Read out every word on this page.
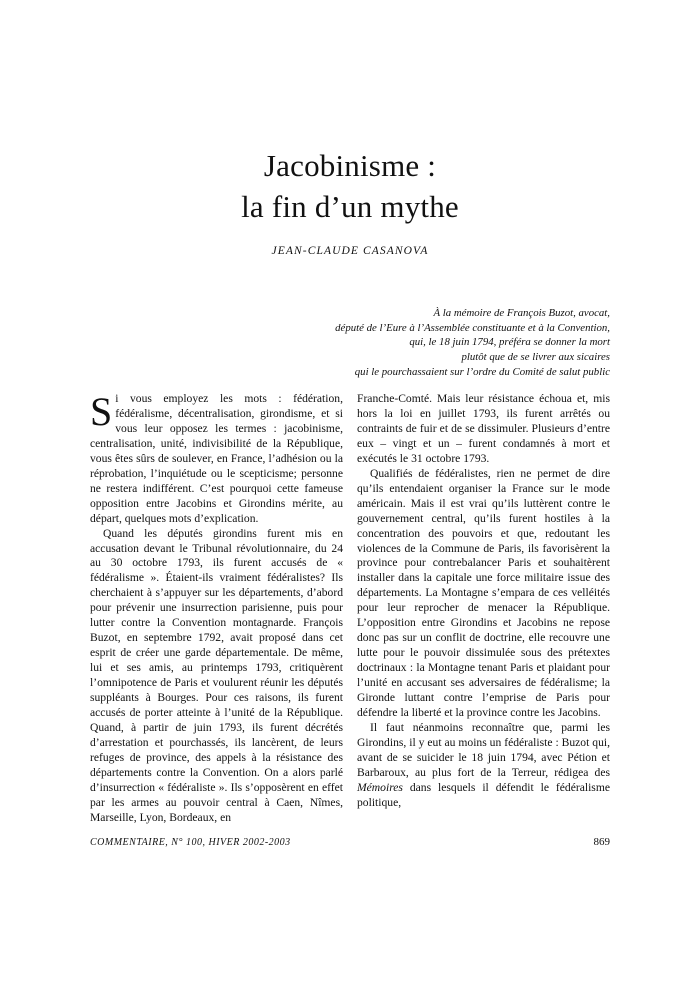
Jacobinisme :
la fin d’un mythe
JEAN-CLAUDE CASANOVA
À la mémoire de François Buzot, avocat,
député de l’Eure à l’Assemblée constituante et à la Convention,
qui, le 18 juin 1794, préféra se donner la mort
plutôt que de se livrer aux sicaires
qui le pourchassaient sur l’ordre du Comité de salut public

Si vous employez les mots : fédération, fédéralisme, décentralisation, girondisme, et si vous leur opposez les termes : jacobinisme, centralisation, unité, indivisibilité de la République, vous êtes sûrs de soulever, en France, l’adhésion ou la réprobation, l’inquiétude ou le scepticisme; personne ne restera indifférent. C’est pourquoi cette fameuse opposition entre Jacobins et Girondins mérite, au départ, quelques mots d’explication.

Quand les députés girondins furent mis en accusation devant le Tribunal révolutionnaire, du 24 au 30 octobre 1793, ils furent accusés de « fédéralisme ». Étaient-ils vraiment fédéralistes? Ils cherchaient à s’appuyer sur les départements, d’abord pour prévenir une insurrection parisienne, puis pour lutter contre la Convention montagnarde. François Buzot, en septembre 1792, avait proposé dans cet esprit de créer une garde départementale. De même, lui et ses amis, au printemps 1793, critiquèrent l’omnipotence de Paris et voulurent réunir les députés suppléants à Bourges. Pour ces raisons, ils furent accusés de porter atteinte à l’unité de la République. Quand, à partir de juin 1793, ils furent décrétés d’arrestation et pourchassés, ils lancèrent, de leurs refuges de province, des appels à la résistance des départements contre la Convention. On a alors parlé d’insurrection « fédéraliste ». Ils s’opposèrent en effet par les armes au pouvoir central à Caen, Nîmes, Marseille, Lyon, Bordeaux, en

Franche-Comté. Mais leur résistance échoua et, mis hors la loi en juillet 1793, ils furent arrêtés ou contraints de fuir et de se dissimuler. Plusieurs d’entre eux – vingt et un – furent condamnés à mort et exécutés le 31 octobre 1793.

Qualifiés de fédéralistes, rien ne permet de dire qu’ils entendaient organiser la France sur le mode américain. Mais il est vrai qu’ils luttèrent contre le gouvernement central, qu’ils furent hostiles à la concentration des pouvoirs et que, redoutant les violences de la Commune de Paris, ils favorisèrent la province pour contrebalancer Paris et souhaitèrent installer dans la capitale une force militaire issue des départements. La Montagne s’empara de ces velléités pour leur reprocher de menacer la République. L’opposition entre Girondins et Jacobins ne repose donc pas sur un conflit de doctrine, elle recouvre une lutte pour le pouvoir dissimulée sous des prétextes doctrinaux : la Montagne tenant Paris et plaidant pour l’unité en accusant ses adversaires de fédéralisme; la Gironde luttant contre l’emprise de Paris pour défendre la liberté et la province contre les Jacobins.

Il faut néanmoins reconnaître que, parmi les Girondins, il y eut au moins un fédéraliste : Buzot qui, avant de se suicider le 18 juin 1794, avec Pétion et Barbaroux, au plus fort de la Terreur, rédigea des Mémoires dans lesquels il défendit le fédéralisme politique,

COMMENTAIRE, N° 100, HIVER 2002-2003	869
